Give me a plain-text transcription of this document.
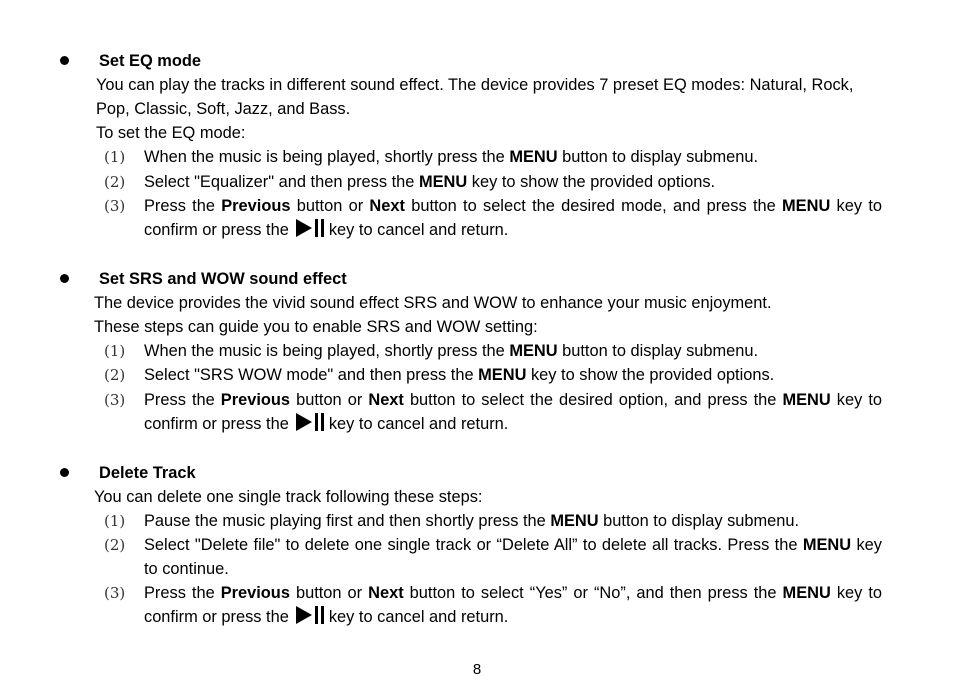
Set EQ mode
You can play the tracks in different sound effect. The device provides 7 preset EQ modes: Natural, Rock, Pop, Classic, Soft, Jazz, and Bass.
To set the EQ mode:
(1) When the music is being played, shortly press the MENU button to display submenu.
(2) Select "Equalizer" and then press the MENU key to show the provided options.
(3) Press the Previous button or Next button to select the desired mode, and press the MENU key to confirm or press the key to cancel and return.
Set SRS and WOW sound effect
The device provides the vivid sound effect SRS and WOW to enhance your music enjoyment.
These steps can guide you to enable SRS and WOW setting:
(1) When the music is being played, shortly press the MENU button to display submenu.
(2) Select "SRS WOW mode" and then press the MENU key to show the provided options.
(3) Press the Previous button or Next button to select the desired option, and press the MENU key to confirm or press the key to cancel and return.
Delete Track
You can delete one single track following these steps:
(1) Pause the music playing first and then shortly press the MENU button to display submenu.
(2) Select "Delete file" to delete one single track or “Delete All” to delete all tracks. Press the MENU key to continue.
(3) Press the Previous button or Next button to select “Yes” or “No”, and then press the MENU key to confirm or press the key to cancel and return.
8
